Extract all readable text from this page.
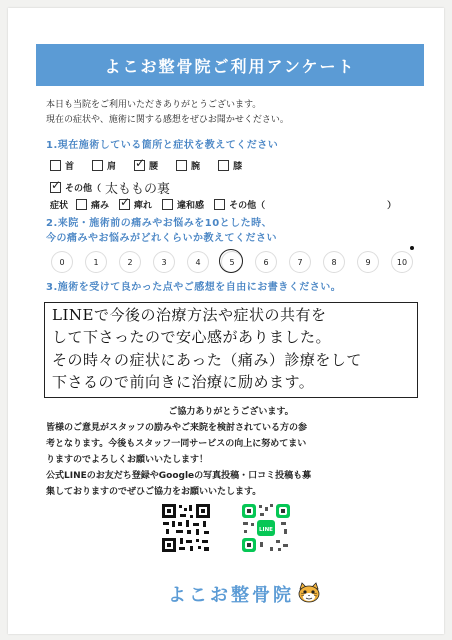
よこお整骨院ご利用アンケート
本日も当院をご利用いただきありがとうございます。
現在の症状や、施術に関する感想をぜひお聞かせください。
1.現在施術している箇所と症状を教えてください
首	肩 ✓	腰	腕	膝
✓
その他（ 太ももの裏
症状	痛み ✓	痺れ	違和感	その他（	）
2.来院・施術前の痛みやお悩みを10とした時、
今の痛みやお悩みがどれくらいか教えてください
0	1	2	3	4	5	6	7	8	9	10
3.施術を受けて良かった点やご感想を自由にお書きください。
LINEで今後の治療方法や症状の共有を
して下さったので安心感がありました。
その時々の症状にあった（痛み）診療をして
下さるので前向きに治療に励めます。
ご協力ありがとうございます。
皆様のご意見がスタッフの励みやご来院を検討されている方の参
考となります。今後もスタッフ一同サービスの向上に努めてまい
りますのでよろしくお願いいたします！
公式LINEのお友だち登録やGoogleの写真投稿・口コミ投稿も募
集しておりますのでぜひご協力をお願いいたします。
LINE
よこお整骨院
